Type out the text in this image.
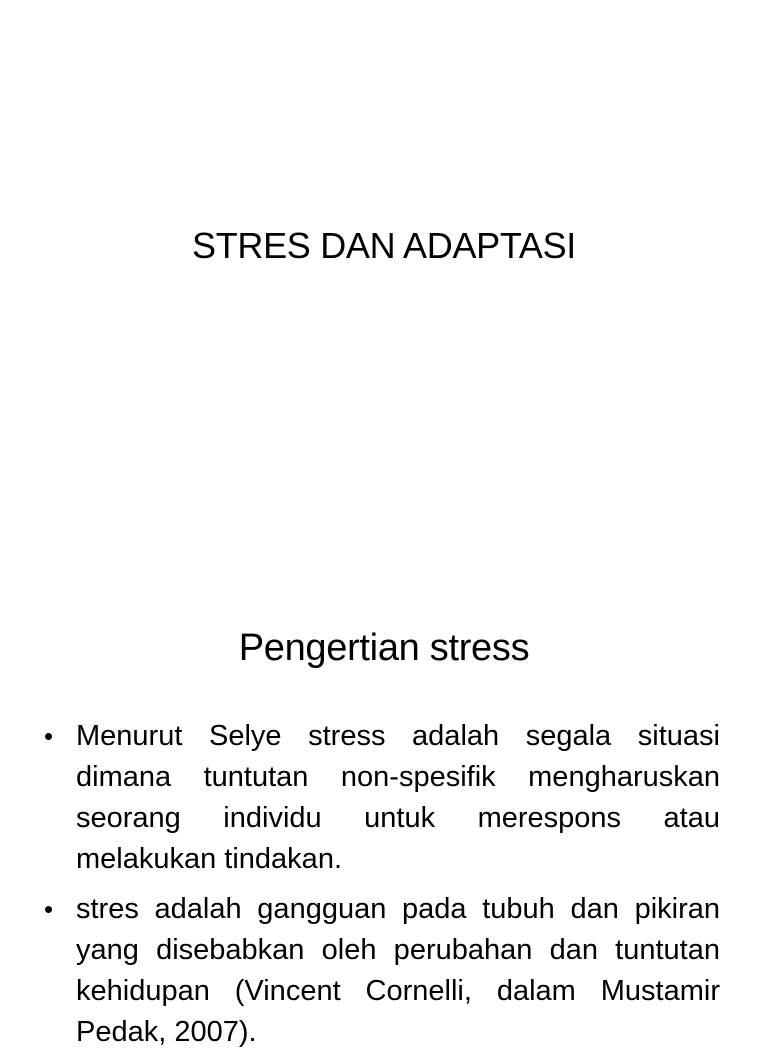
STRES DAN ADAPTASI
Pengertian stress
• Menurut Selye stress adalah segala situasi dimana tuntutan non-spesifik mengharuskan seorang individu untuk merespons atau melakukan tindakan.
• stres adalah gangguan pada tubuh dan pikiran yang disebabkan oleh perubahan dan tuntutan kehidupan (Vincent Cornelli, dalam Mustamir Pedak, 2007).
